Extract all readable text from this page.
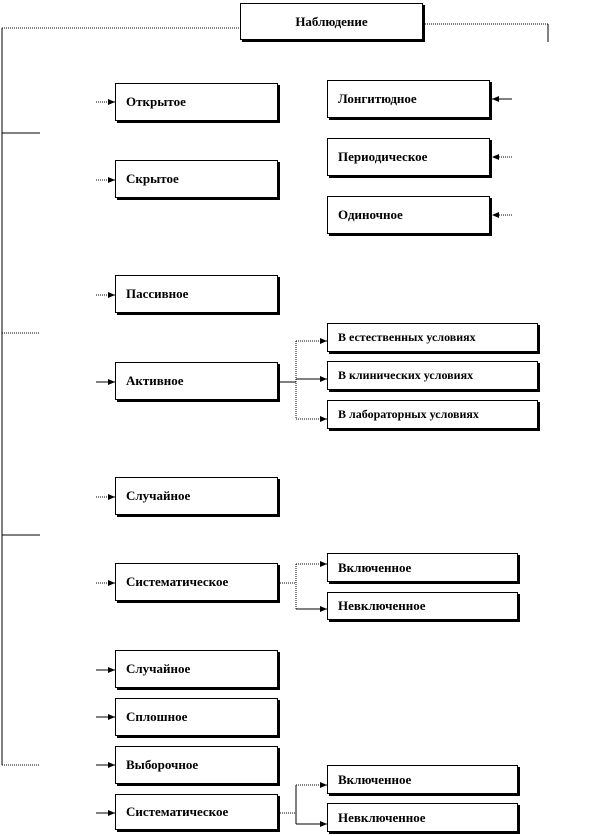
Наблюдение
Открытое
Скрытое
Пассивное
Активное
Случайное
Систематическое
Случайное
Сплошное
Выборочное
Систематическое
Лонгитюдное
Периодическое
Одиночное
В естественных условиях
В клинических условиях
В лабораторных условиях
Включенное
Невключенное
Включенное
Невключенное
